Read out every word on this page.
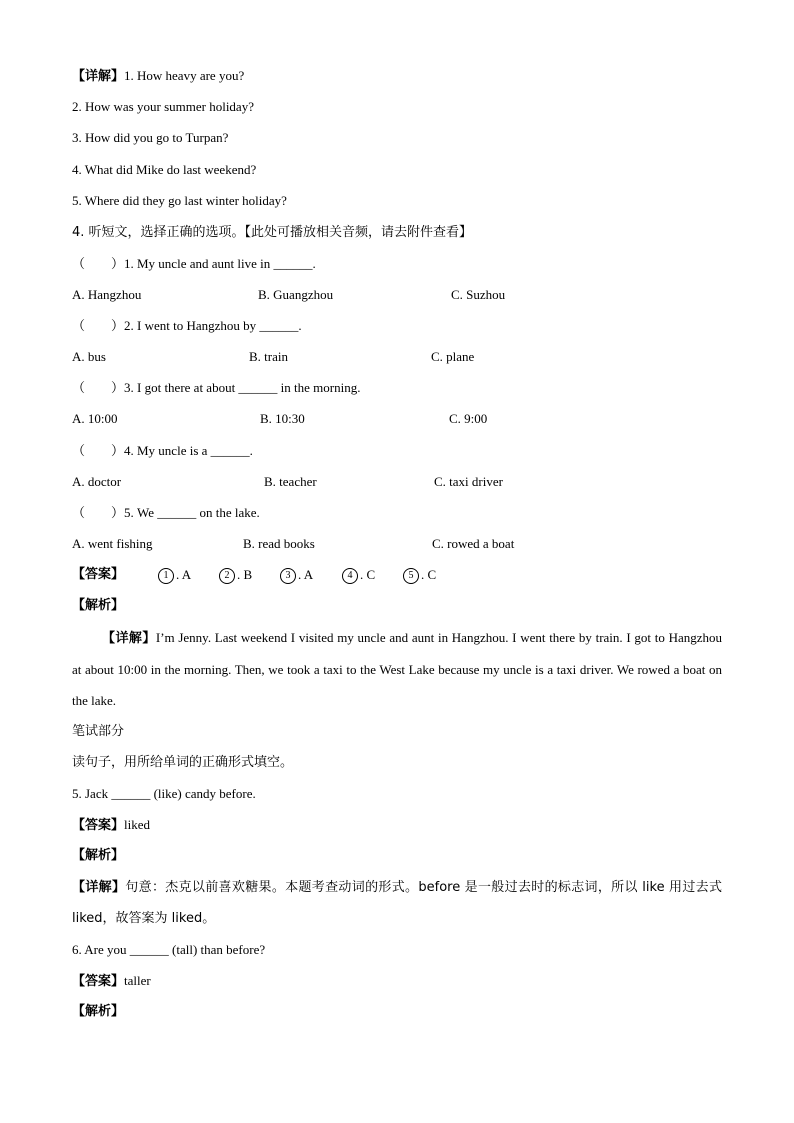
【详解】1. How heavy are you?
2. How was your summer holiday?
3. How did you go to Turpan?
4. What did Mike do last weekend?
5. Where did they go last winter holiday?
4. 听短文，选择正确的选项。【此处可播放相关音频，请去附件查看】
（　　）1. My uncle and aunt live in ______.
A. Hangzhou	B. Guangzhou	C. Suzhou
（　　）2. I went to Hangzhou by ______.
A. bus	B. train	C. plane
（　　）3. I got there at about ______ in the morning.
A. 10:00	B. 10:30	C. 9:00
（　　）4. My uncle is a ______.
A. doctor	B. teacher	C. taxi driver
（　　）5. We ______ on the lake.
A. went fishing	B. read books	C. rowed a boat
【答案】	1 . A	2 . B	3 . A	4 . C	5 . C
【解析】
【详解】I’m Jenny. Last weekend I visited my uncle and aunt in Hangzhou. I went there by train. I got to Hangzhou at about 10:00 in the morning. Then, we took a taxi to the West Lake because my uncle is a taxi driver. We rowed a boat on the lake.
笔试部分
读句子，用所给单词的正确形式填空。
5. Jack ______ (like) candy before.
【答案】liked
【解析】
【详解】句意：杰克以前喜欢糖果。本题考查动词的形式。before 是一般过去时的标志词，所以 like 用过去式 liked，故答案为 liked。
6. Are you ______ (tall) than before?
【答案】taller
【解析】
